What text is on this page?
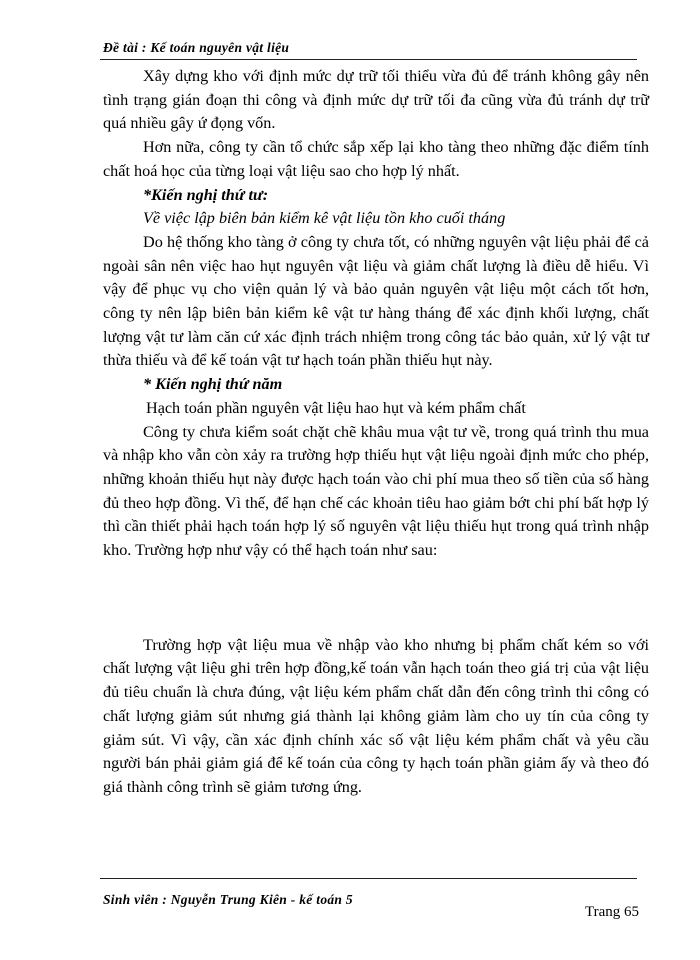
Đề tài : Kế toán nguyên vật liệu

Xây dựng kho với định mức dự trữ tối thiểu vừa đủ để tránh không gây nên tình trạng gián đoạn thi công và định mức dự trữ tối đa cũng vừa đủ tránh dự trữ quá nhiều gây ứ đọng vốn.

Hơn nữa, công ty cần tổ chức sắp xếp lại kho tàng theo những đặc điểm tính chất hoá học của từng loại vật liệu sao cho hợp lý nhất.

*Kiến nghị thứ tư:

Về việc lập biên bản kiểm kê vật liệu tồn kho cuối tháng

Do hệ thống kho tàng ở công ty chưa tốt, có những nguyên vật liệu phải để cả ngoài sân nên việc hao hụt nguyên vật liệu và giảm chất lượng là điều dễ hiểu. Vì vậy để phục vụ cho viện quản lý và bảo quản nguyên vật liệu một cách tốt hơn, công ty nên lập biên bản kiểm kê vật tư hàng tháng để xác định khối lượng, chất lượng vật tư làm căn cứ xác định trách nhiệm trong công tác bảo quản, xử lý vật tư thừa thiếu và để kế toán vật tư hạch toán phần thiếu hụt này.

* Kiến nghị thứ năm

Hạch toán phần nguyên vật liệu hao hụt và kém phẩm chất

Công ty chưa kiểm soát chặt chẽ khâu mua vật tư về, trong quá trình thu mua và nhập kho vẫn còn xảy ra trường hợp thiếu hụt vật liệu ngoài định mức cho phép, những khoản thiếu hụt này được hạch toán vào chi phí mua theo số tiền của số hàng đủ theo hợp đồng. Vì thế, để hạn chế các khoản tiêu hao giảm bớt chi phí bất hợp lý thì cần thiết phải hạch toán hợp lý số nguyên vật liệu thiếu hụt trong quá trình nhập kho. Trường hợp như vậy có thể hạch toán như sau:

Trường hợp vật liệu mua về nhập vào kho nhưng bị phẩm chất kém so với chất lượng vật liệu ghi trên hợp đồng,kế toán vẫn hạch toán theo giá trị của vật liệu đủ tiêu chuẩn là chưa đúng, vật liệu kém phẩm chất dẫn đến công trình thi công có chất lượng giảm sút nhưng giá thành lại không giảm làm cho uy tín của công ty giảm sút. Vì vậy, cần xác định chính xác số vật liệu kém phẩm chất và yêu cầu người bán phải giảm giá để kế toán của công ty hạch toán phần giảm ấy và theo đó giá thành công trình sẽ giảm tương ứng.

Sinh viên : Nguyễn Trung Kiên - kế toán 5
Trang 65
